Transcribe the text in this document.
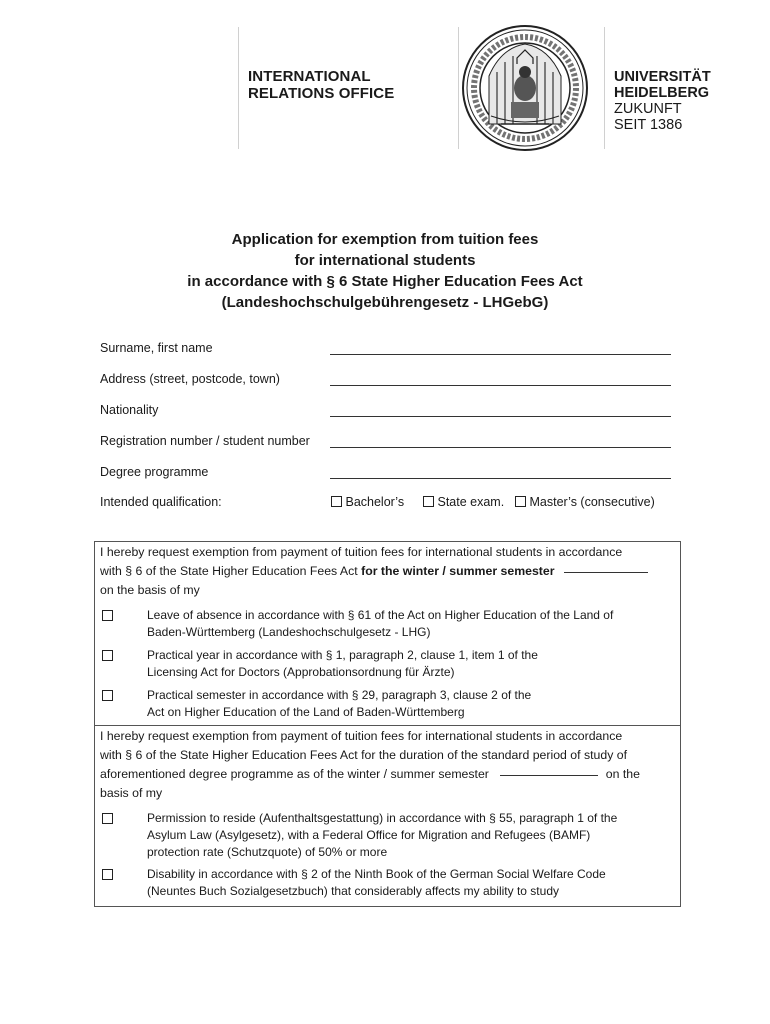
INTERNATIONAL
RELATIONS OFFICE
UNIVERSITÄT
HEIDELBERG
ZUKUNFT
SEIT 1386
Application for exemption from tuition fees
for international students
in accordance with § 6 State Higher Education Fees Act
(Landeshochschulgebührengesetz - LHGebG)
Surname, first name
Address (street, postcode, town)
Nationality
Registration number / student number
Degree programme
Intended qualification:	Bachelor’s	State exam.	Master’s (consecutive)
I hereby request exemption from payment of tuition fees for international students in accordance
with § 6 of the State Higher Education Fees Act for the winter / summer semester
on the basis of my
Leave of absence in accordance with § 61 of the Act on Higher Education of the Land of
Baden-Württemberg (Landeshochschulgesetz - LHG)
Practical year in accordance with § 1, paragraph 2, clause 1, item 1 of the
Licensing Act for Doctors (Approbationsordnung für Ärzte)
Practical semester in accordance with § 29, paragraph 3, clause 2 of the
Act on Higher Education of the Land of Baden-Württemberg
I hereby request exemption from payment of tuition fees for international students in accordance
with § 6 of the State Higher Education Fees Act for the duration of the standard period of study of
aforementioned degree programme as of the winter / summer semester	on the
basis of my
Permission to reside (Aufenthaltsgestattung) in accordance with § 55, paragraph 1 of the
Asylum Law (Asylgesetz), with a Federal Office for Migration and Refugees (BAMF)
protection rate (Schutzquote) of 50% or more
Disability in accordance with § 2 of the Ninth Book of the German Social Welfare Code
(Neuntes Buch Sozialgesetzbuch) that considerably affects my ability to study
